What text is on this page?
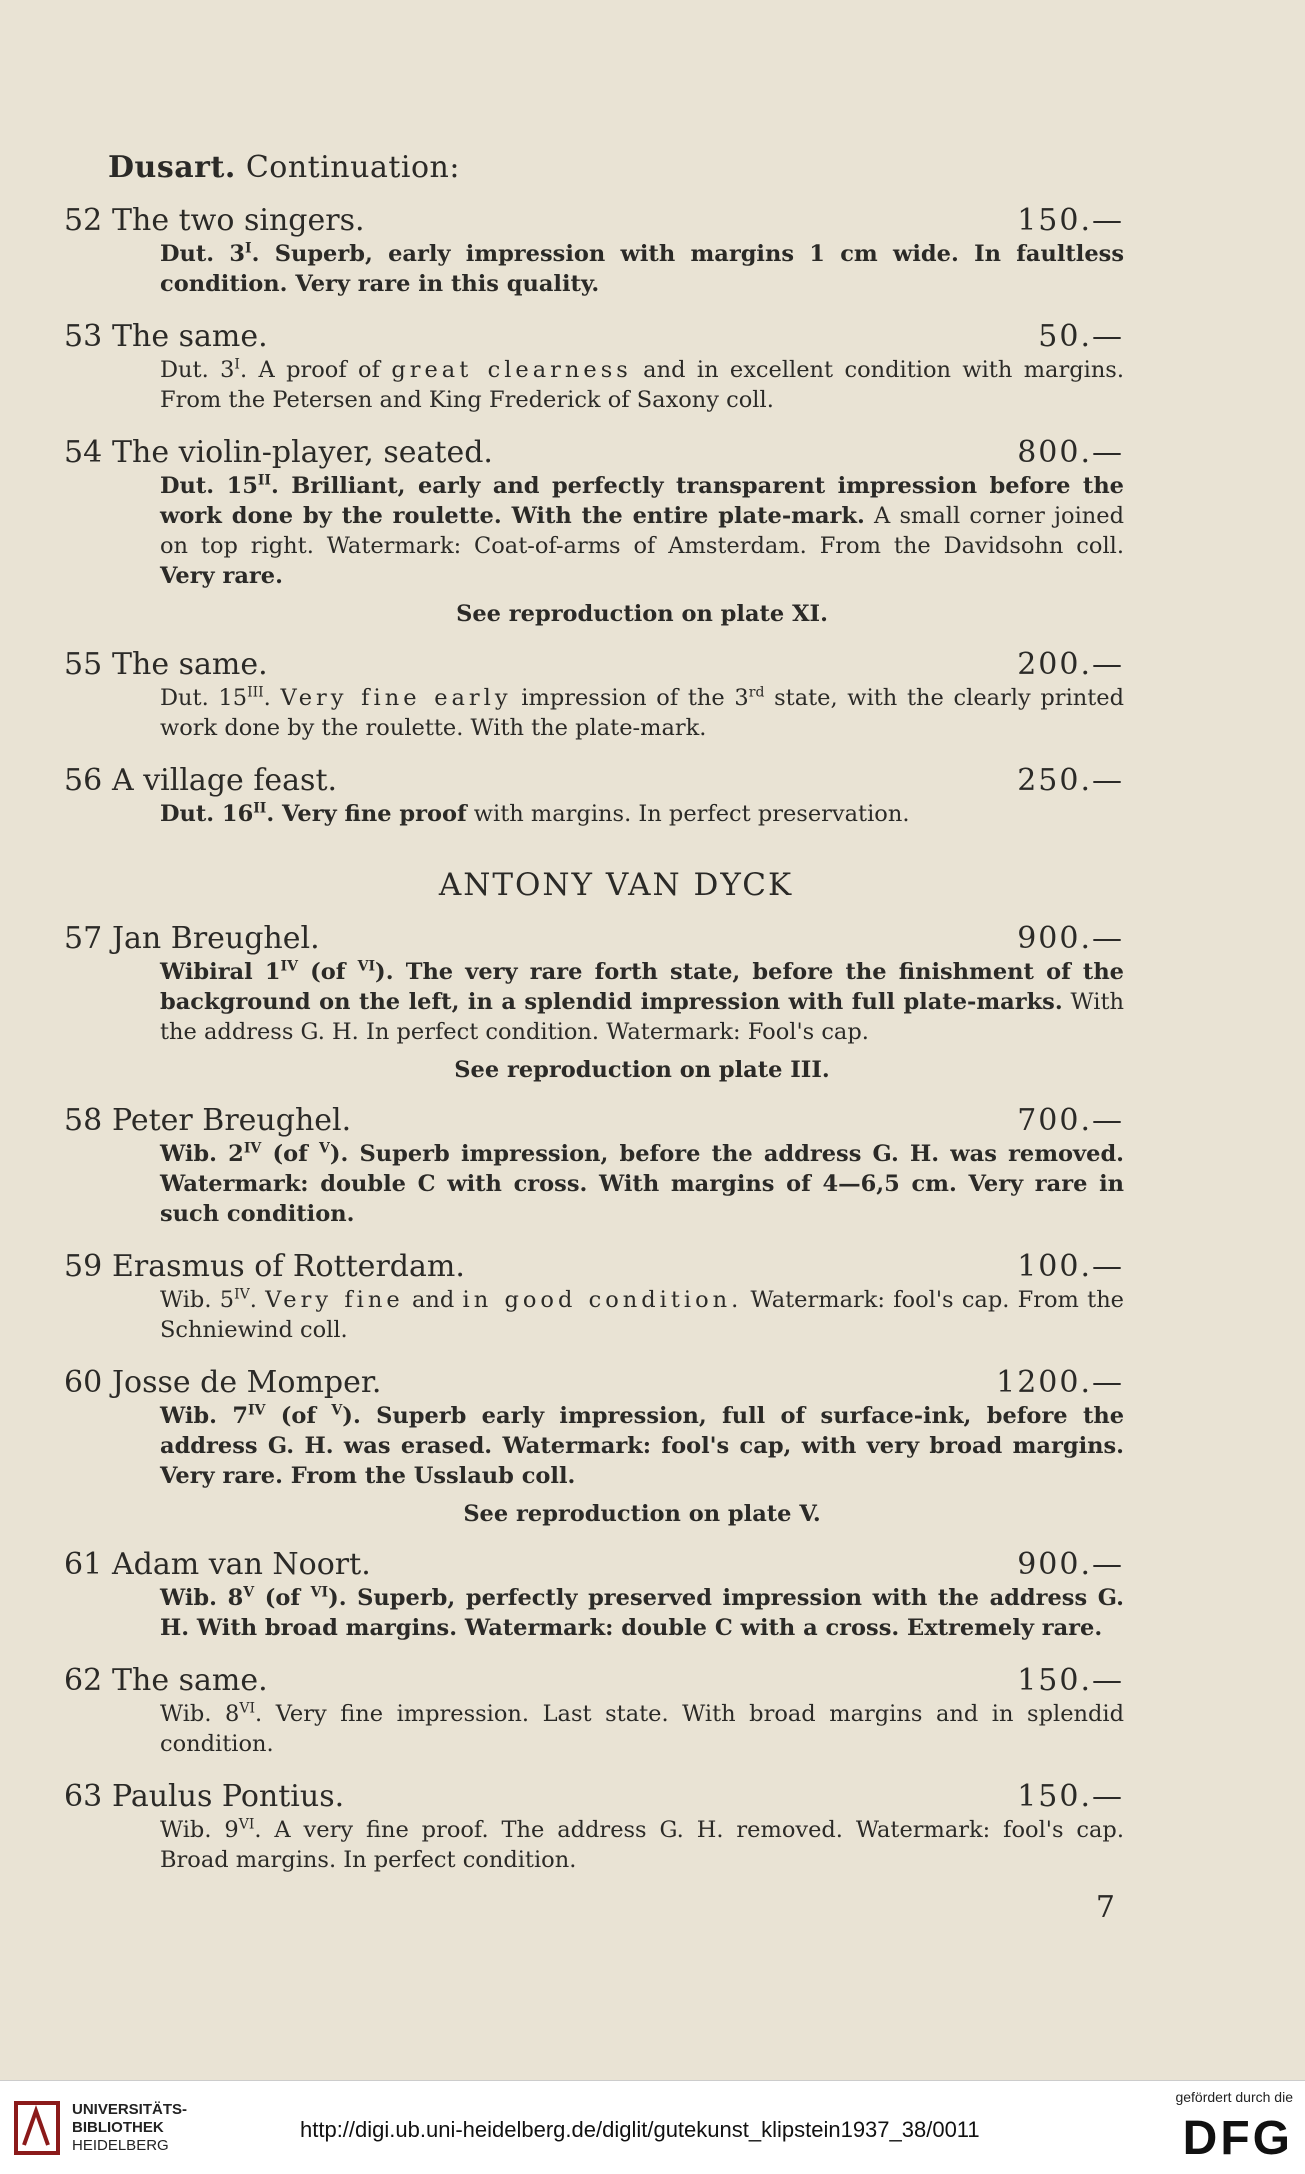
Dusart. Continuation:
52 The two singers.	150.—
Dut. $3^I$. Superb, early impression with margins 1 cm wide. In faultless condition. Very rare in this quality.
53 The same.	50.—
Dut. $3^I$. A proof of great clearness and in excellent condition with margins. From the Petersen and King Frederick of Saxony coll.
54 The violin-player, seated.	800.—
Dut. $15^{II}$. Brilliant, early and perfectly transparent impression before the work done by the roulette. With the entire plate-mark. A small corner joined on top right. Watermark: Coat-of-arms of Amsterdam. From the Davidsohn coll. Very rare.
See reproduction on plate XI.
55 The same.	200.—
Dut. $15^{III}$. Very fine early impression of the 3rd state, with the clearly printed work done by the roulette. With the plate-mark.
56 A village feast.	250.—
Dut. $16^{II}$. Very fine proof with margins. In perfect preservation.
ANTONY VAN DYCK
57 Jan Breughel.	900.—
Wibiral $1^{IV}$ (of $^{VI}$). The very rare forth state, before the finishment of the background on the left, in a splendid impression with full plate-marks. With the address G. H. In perfect condition. Watermark: Fool's cap.
See reproduction on plate III.
58 Peter Breughel.	700.—
Wib. $2^{IV}$ (of $^V$). Superb impression, before the address G. H. was removed. Watermark: double C with cross. With margins of 4—6,5 cm. Very rare in such condition.
59 Erasmus of Rotterdam.	100.—
Wib. $5^{IV}$. Very fine and in good condition. Watermark: fool's cap. From the Schniewind coll.
60 Josse de Momper.	1200.—
Wib. $7^{IV}$ (of $^V$). Superb early impression, full of surface-ink, before the address G. H. was erased. Watermark: fool's cap, with very broad margins. Very rare. From the Usslaub coll.
See reproduction on plate V.
61 Adam van Noort.	900.—
Wib. $8^V$ (of $^{VI}$). Superb, perfectly preserved impression with the address G. H. With broad margins. Watermark: double C with a cross. Extremely rare.
62 The same.	150.—
Wib. $8^{VI}$. Very fine impression. Last state. With broad margins and in splendid condition.
63 Paulus Pontius.	150.—
Wib. $9^{VI}$. A very fine proof. The address G. H. removed. Watermark: fool's cap. Broad margins. In perfect condition.
7
UNIVERSITÄTS-
BIBLIOTHEK
HEIDELBERG
http://digi.ub.uni-heidelberg.de/diglit/gutekunst_klipstein1937_38/0011
gefördert durch die
DFG
